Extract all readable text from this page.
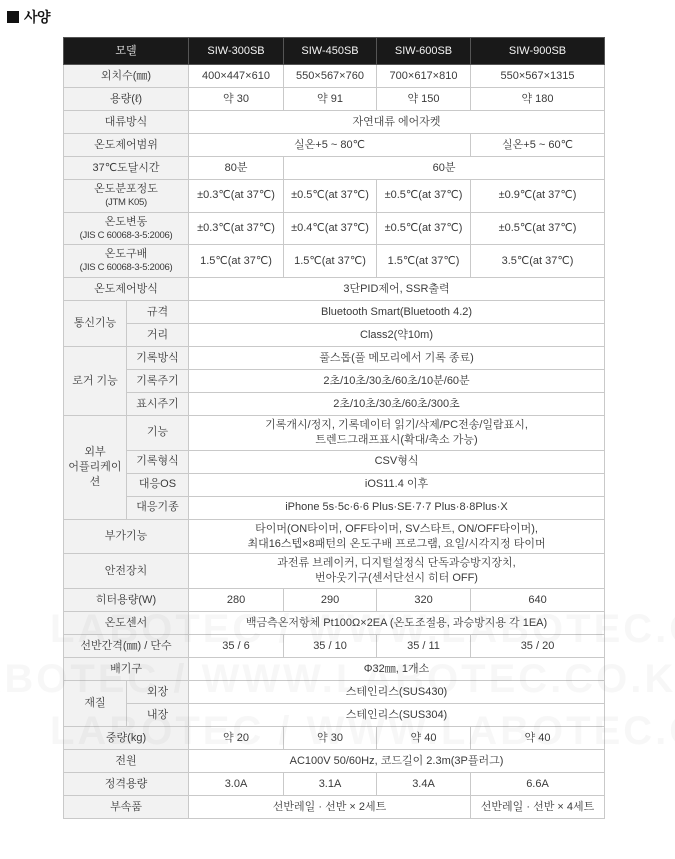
사양
모델		SIW-300SB	SIW-450SB	SIW-600SB	SIW-900SB
외치수(㎜)		400×447×610	550×567×760	700×617×810	550×567×1315
용량(ℓ)		약 30	약 91	약 150	약 180
대류방식		자연대류 에어자켓			
온도제어범위		실온+5 ~ 80℃			실온+5 ~ 60℃
37℃도달시간		80분	60분		

온도분포정도
(JTM K05)		±0.3℃(at 37℃)	±0.5℃(at 37℃)	±0.5℃(at 37℃)	±0.9℃(at 37℃)

온도변동
(JIS C 60068-3-5:2006)		±0.3℃(at 37℃)	±0.4℃(at 37℃)	±0.5℃(at 37℃)	±0.5℃(at 37℃)

온도구배
(JIS C 60068-3-5:2006)		1.5℃(at 37℃)	1.5℃(at 37℃)	1.5℃(at 37℃)	3.5℃(at 37℃)
온도제어방식		3단PID제어, SSR출력			
통신기능	규격	Bluetooth Smart(Bluetooth 4.2)			
	거리	Class2(약10m)			
로거 기능	기록방식	풀스톱(풀 메모리에서 기록 종료)			
	기록주기	2초/10초/30초/60초/10분/60분			
	표시주기	2초/10초/30초/60초/300초			

외부
어플리케이션	기능	기록개시/정지, 기록데이터 읽기/삭제/PC전송/일람표시,
트렌드그래프표시(확대/축소 가능)			

	기록형식	CSV형식			
	대응OS	iOS11.4 이후			
	대응기종	iPhone 5s·5c·6·6 Plus·SE·7·7 Plus·8·8Plus·X			
부가기능		타이머(ON타이머, OFF타이머, SV스타트, ON/OFF타이머),
최대16스텝×8패턴의 온도구배 프로그램, 요일/시각지정 타이머			

안전장치		과전류 브레이커, 디지털설정식 단독과승방지장치,
번아웃기구(센서단선시 히터 OFF)			

히터용량(W)		280	290	320	640
온도센서		백금측온저항체 Pt100Ω×2EA (온도조절용, 과승방지용 각 1EA)			
선반간격(㎜) / 단수		35 / 6	35 / 10	35 / 11	35 / 20
배기구		Φ32㎜, 1개소			
재질	외장	스테인리스(SUS430)			
	내장	스테인리스(SUS304)			
중량(kg)		약 20	약 30	약 40	약 40
전원		AC100V 50/60Hz, 코드길이 2.3m(3P플러그)			
정격용량		3.0A	3.1A	3.4A	6.6A
부속품		선반레일 · 선반 × 2세트			선반레일 · 선반 × 4세트
